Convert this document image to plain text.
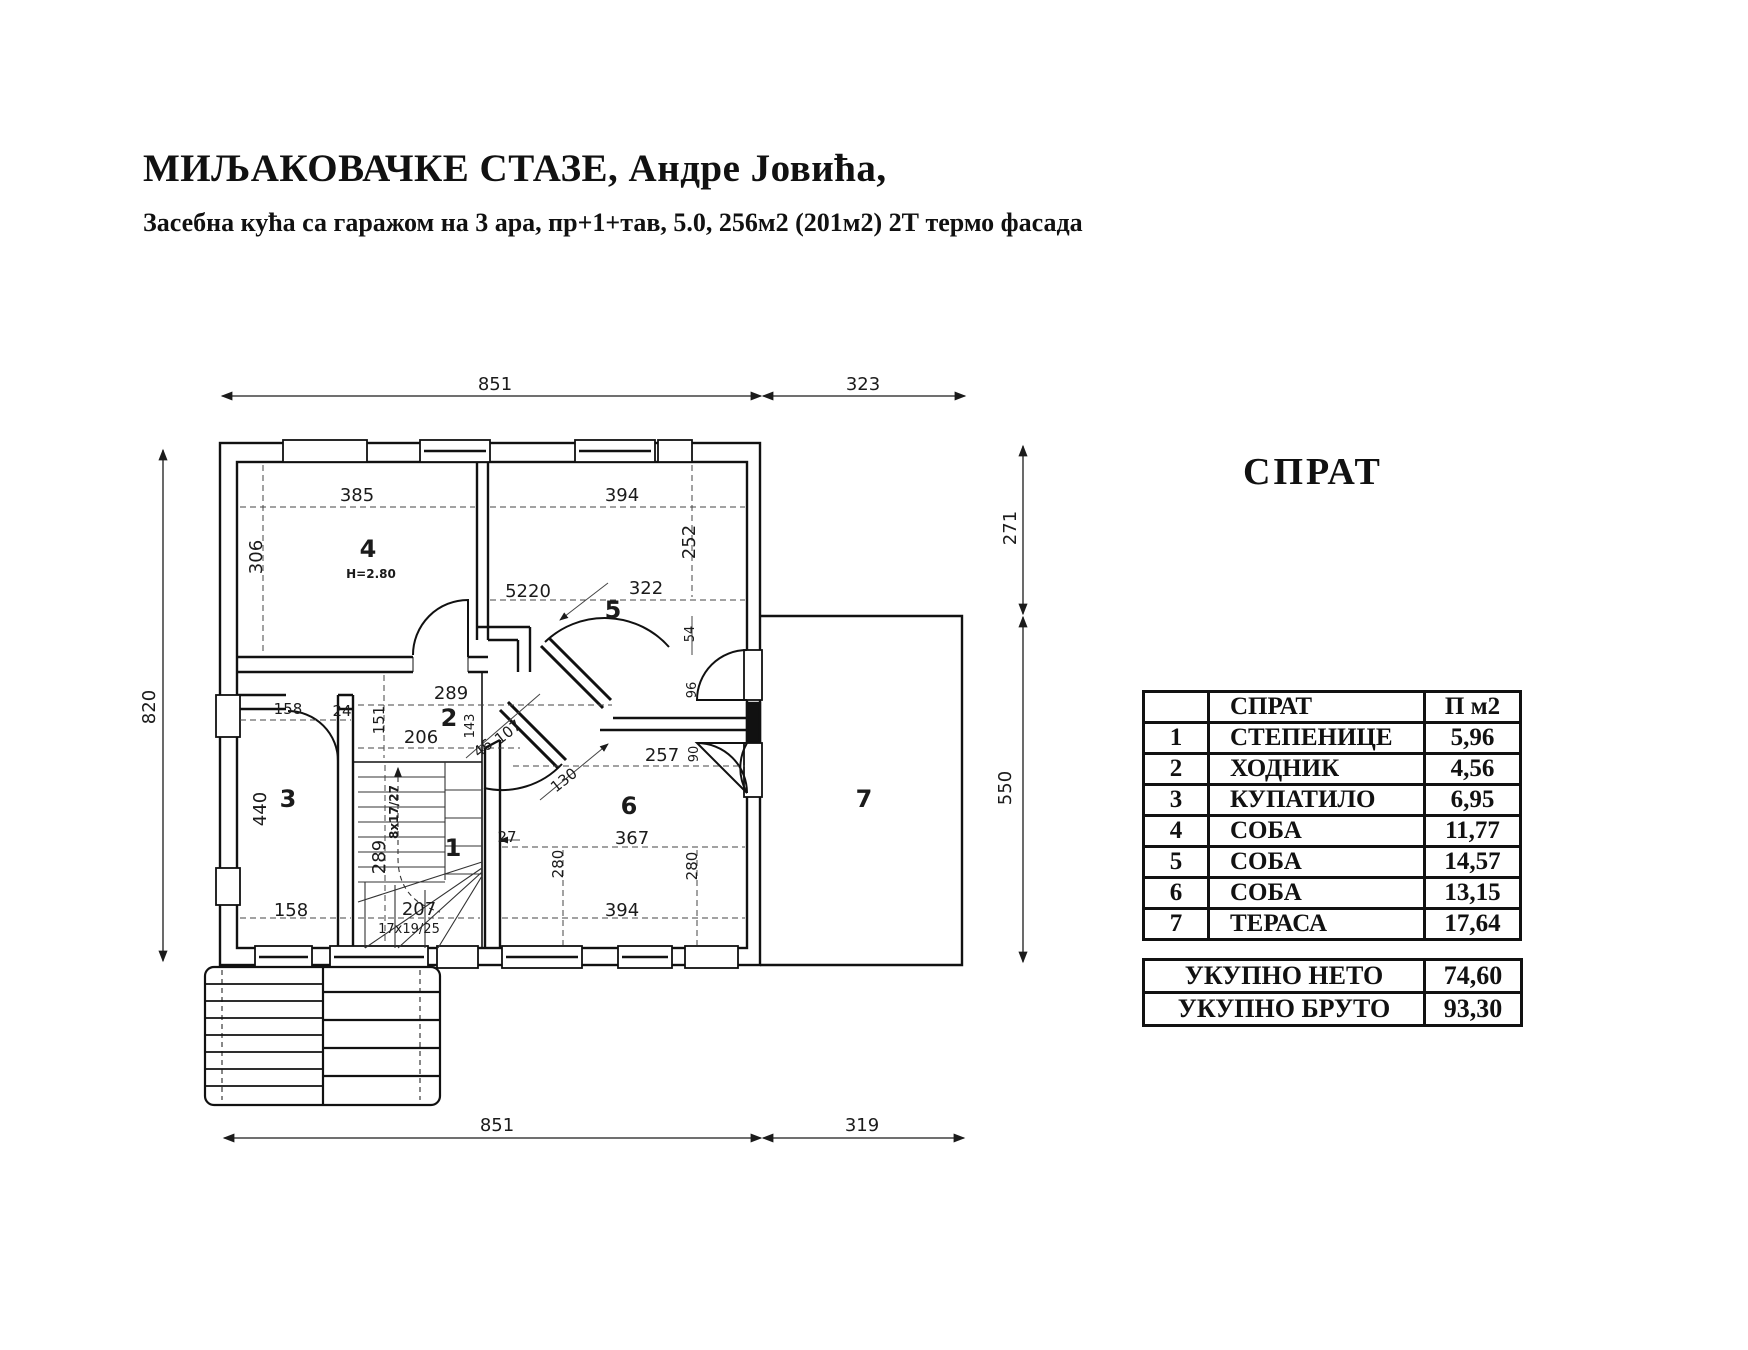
МИЉАКОВАЧКЕ СТАЗЕ, Андре Јовића,
Засебна кућа са гаражом на 3 ара, пр+1+тав, 5.0, 256м2 (201м2) 2Т термо фасада
СПРАТ
851	323
820
271
550
851	319
385	394
306	252
5220	322
54
96
90
158 24
289
143
206 46
107
151
440
289
8x17/27
207
17x19/25
158
27
130
257
367
280	280
394
H=2.80
4
5
2
3
1
6	7
	СПРАТ	П м2
1	СТЕПЕНИЦЕ	5,96
2	ХОДНИК	4,56
3	КУПАТИЛО	6,95
4	СОБА	11,77
5	СОБА	14,57
6	СОБА	13,15
7	ТЕРАСА	17,64
УКУПНО НЕТО	74,60
УКУПНО БРУТО	93,30
